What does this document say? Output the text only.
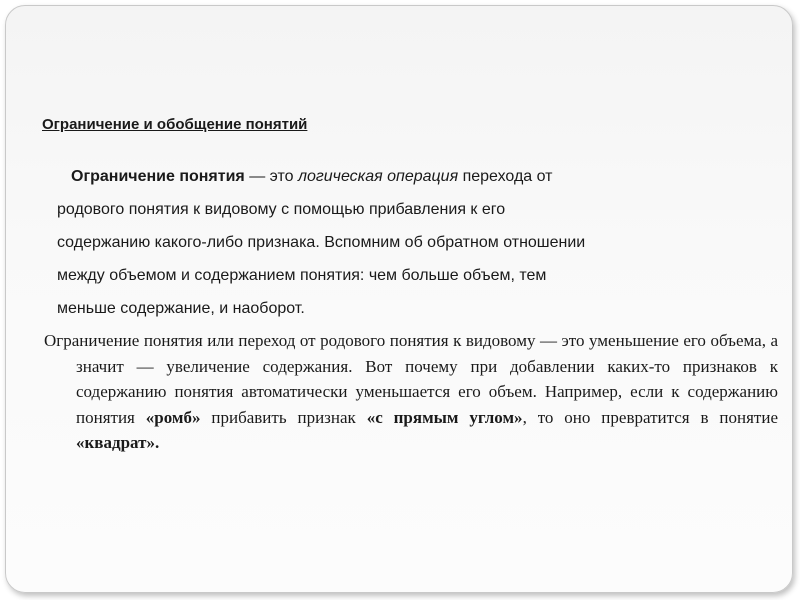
Ограничение и обобщение понятий

Ограничение понятия — это логическая операция перехода от
родового понятия к видовому с помощью прибавления к его
содержанию какого-либо признака. Вспомним об обратном отношении
между объемом и содержанием понятия: чем больше объем, тем
меньше содержание, и наоборот.

Ограничение понятия или переход от родового понятия к видовому — это уменьшение его объема, а значит — увеличение содержания. Вот почему при добавлении каких-то признаков к содержанию понятия автоматически уменьшается его объем. Например, если к содержанию понятия «ромб» прибавить признак «с прямым углом», то оно превратится в понятие «квадрат».
